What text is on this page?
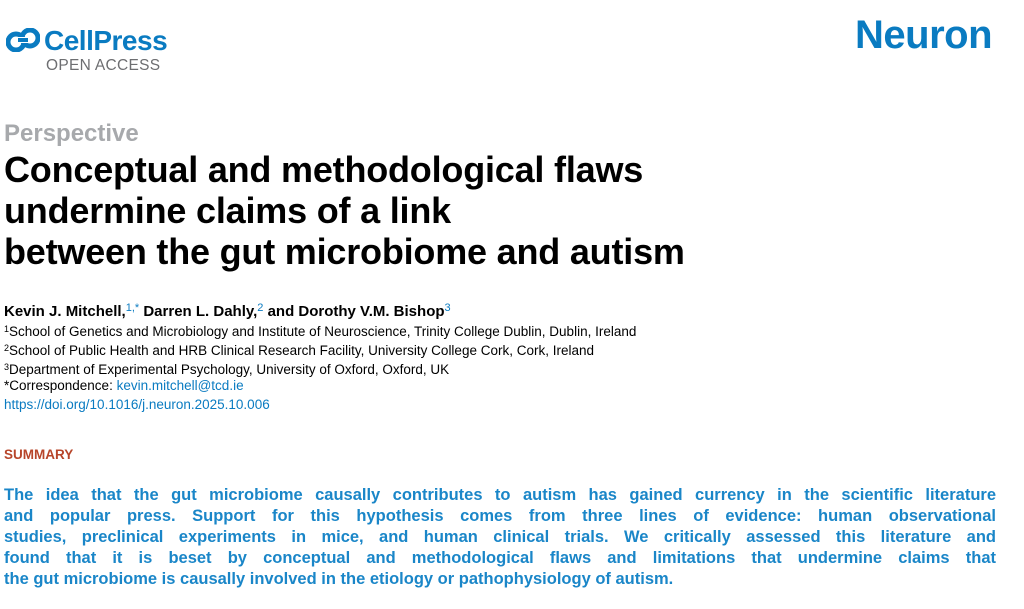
CellPress
OPEN ACCESS
Neuron
Perspective
Conceptual and methodological flaws
undermine claims of a link
between the gut microbiome and autism
Kevin J. Mitchell,$^{1,*}$ Darren L. Dahly,$^2$ and Dorothy V.M. Bishop$^3$
$^1$School of Genetics and Microbiology and Institute of Neuroscience, Trinity College Dublin, Dublin, Ireland
$^2$School of Public Health and HRB Clinical Research Facility, University College Cork, Cork, Ireland
$^3$Department of Experimental Psychology, University of Oxford, Oxford, UK
*Correspondence: kevin.mitchell@tcd.ie
https://doi.org/10.1016/j.neuron.2025.10.006
SUMMARY

The idea that the gut microbiome causally contributes to autism has gained currency in the scientific literature
and popular press. Support for this hypothesis comes from three lines of evidence: human observational
studies, preclinical experiments in mice, and human clinical trials. We critically assessed this literature and
found that it is beset by conceptual and methodological flaws and limitations that undermine claims that
the gut microbiome is causally involved in the etiology or pathophysiology of autism.
